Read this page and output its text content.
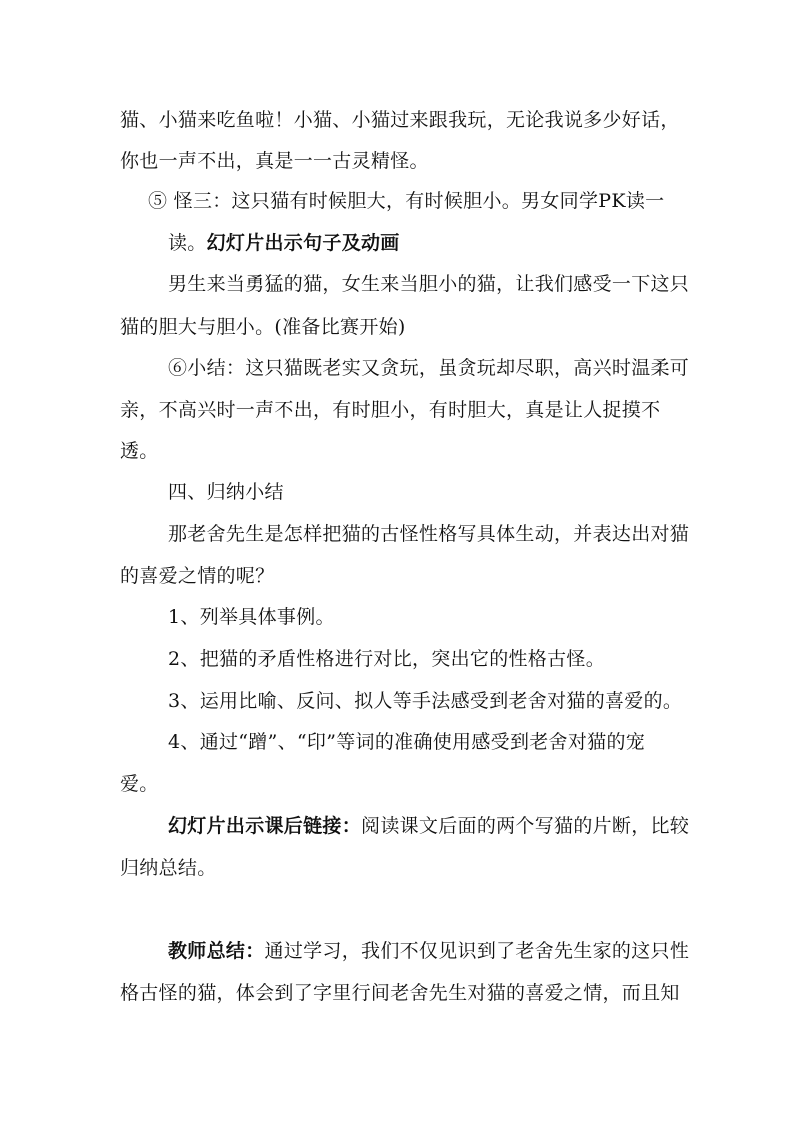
猫、小猫来吃鱼啦！小猫、小猫过来跟我玩，无论我说多少好话，
你也一声不出，真是一一古灵精怪。
⑤ 怪三：这只猫有时候胆大，有时候胆小。男女同学PK读一
读。幻灯片出示句子及动画
男生来当勇猛的猫，女生来当胆小的猫，让我们感受一下这只
猫的胆大与胆小。(准备比赛开始)
⑥小结：这只猫既老实又贪玩，虽贪玩却尽职，高兴时温柔可
亲，不高兴时一声不出，有时胆小，有时胆大，真是让人捉摸不
透。
四、归纳小结
那老舍先生是怎样把猫的古怪性格写具体生动，并表达出对猫
的喜爱之情的呢？
1、列举具体事例。
2、把猫的矛盾性格进行对比，突出它的性格古怪。
3、运用比喻、反问、拟人等手法感受到老舍对猫的喜爱的。
4、通过“蹭”、“印”等词的准确使用感受到老舍对猫的宠
爱。
幻灯片出示课后链接：阅读课文后面的两个写猫的片断，比较
归纳总结。
教师总结：通过学习，我们不仅见识到了老舍先生家的这只性
格古怪的猫，体会到了字里行间老舍先生对猫的喜爱之情，而且知
